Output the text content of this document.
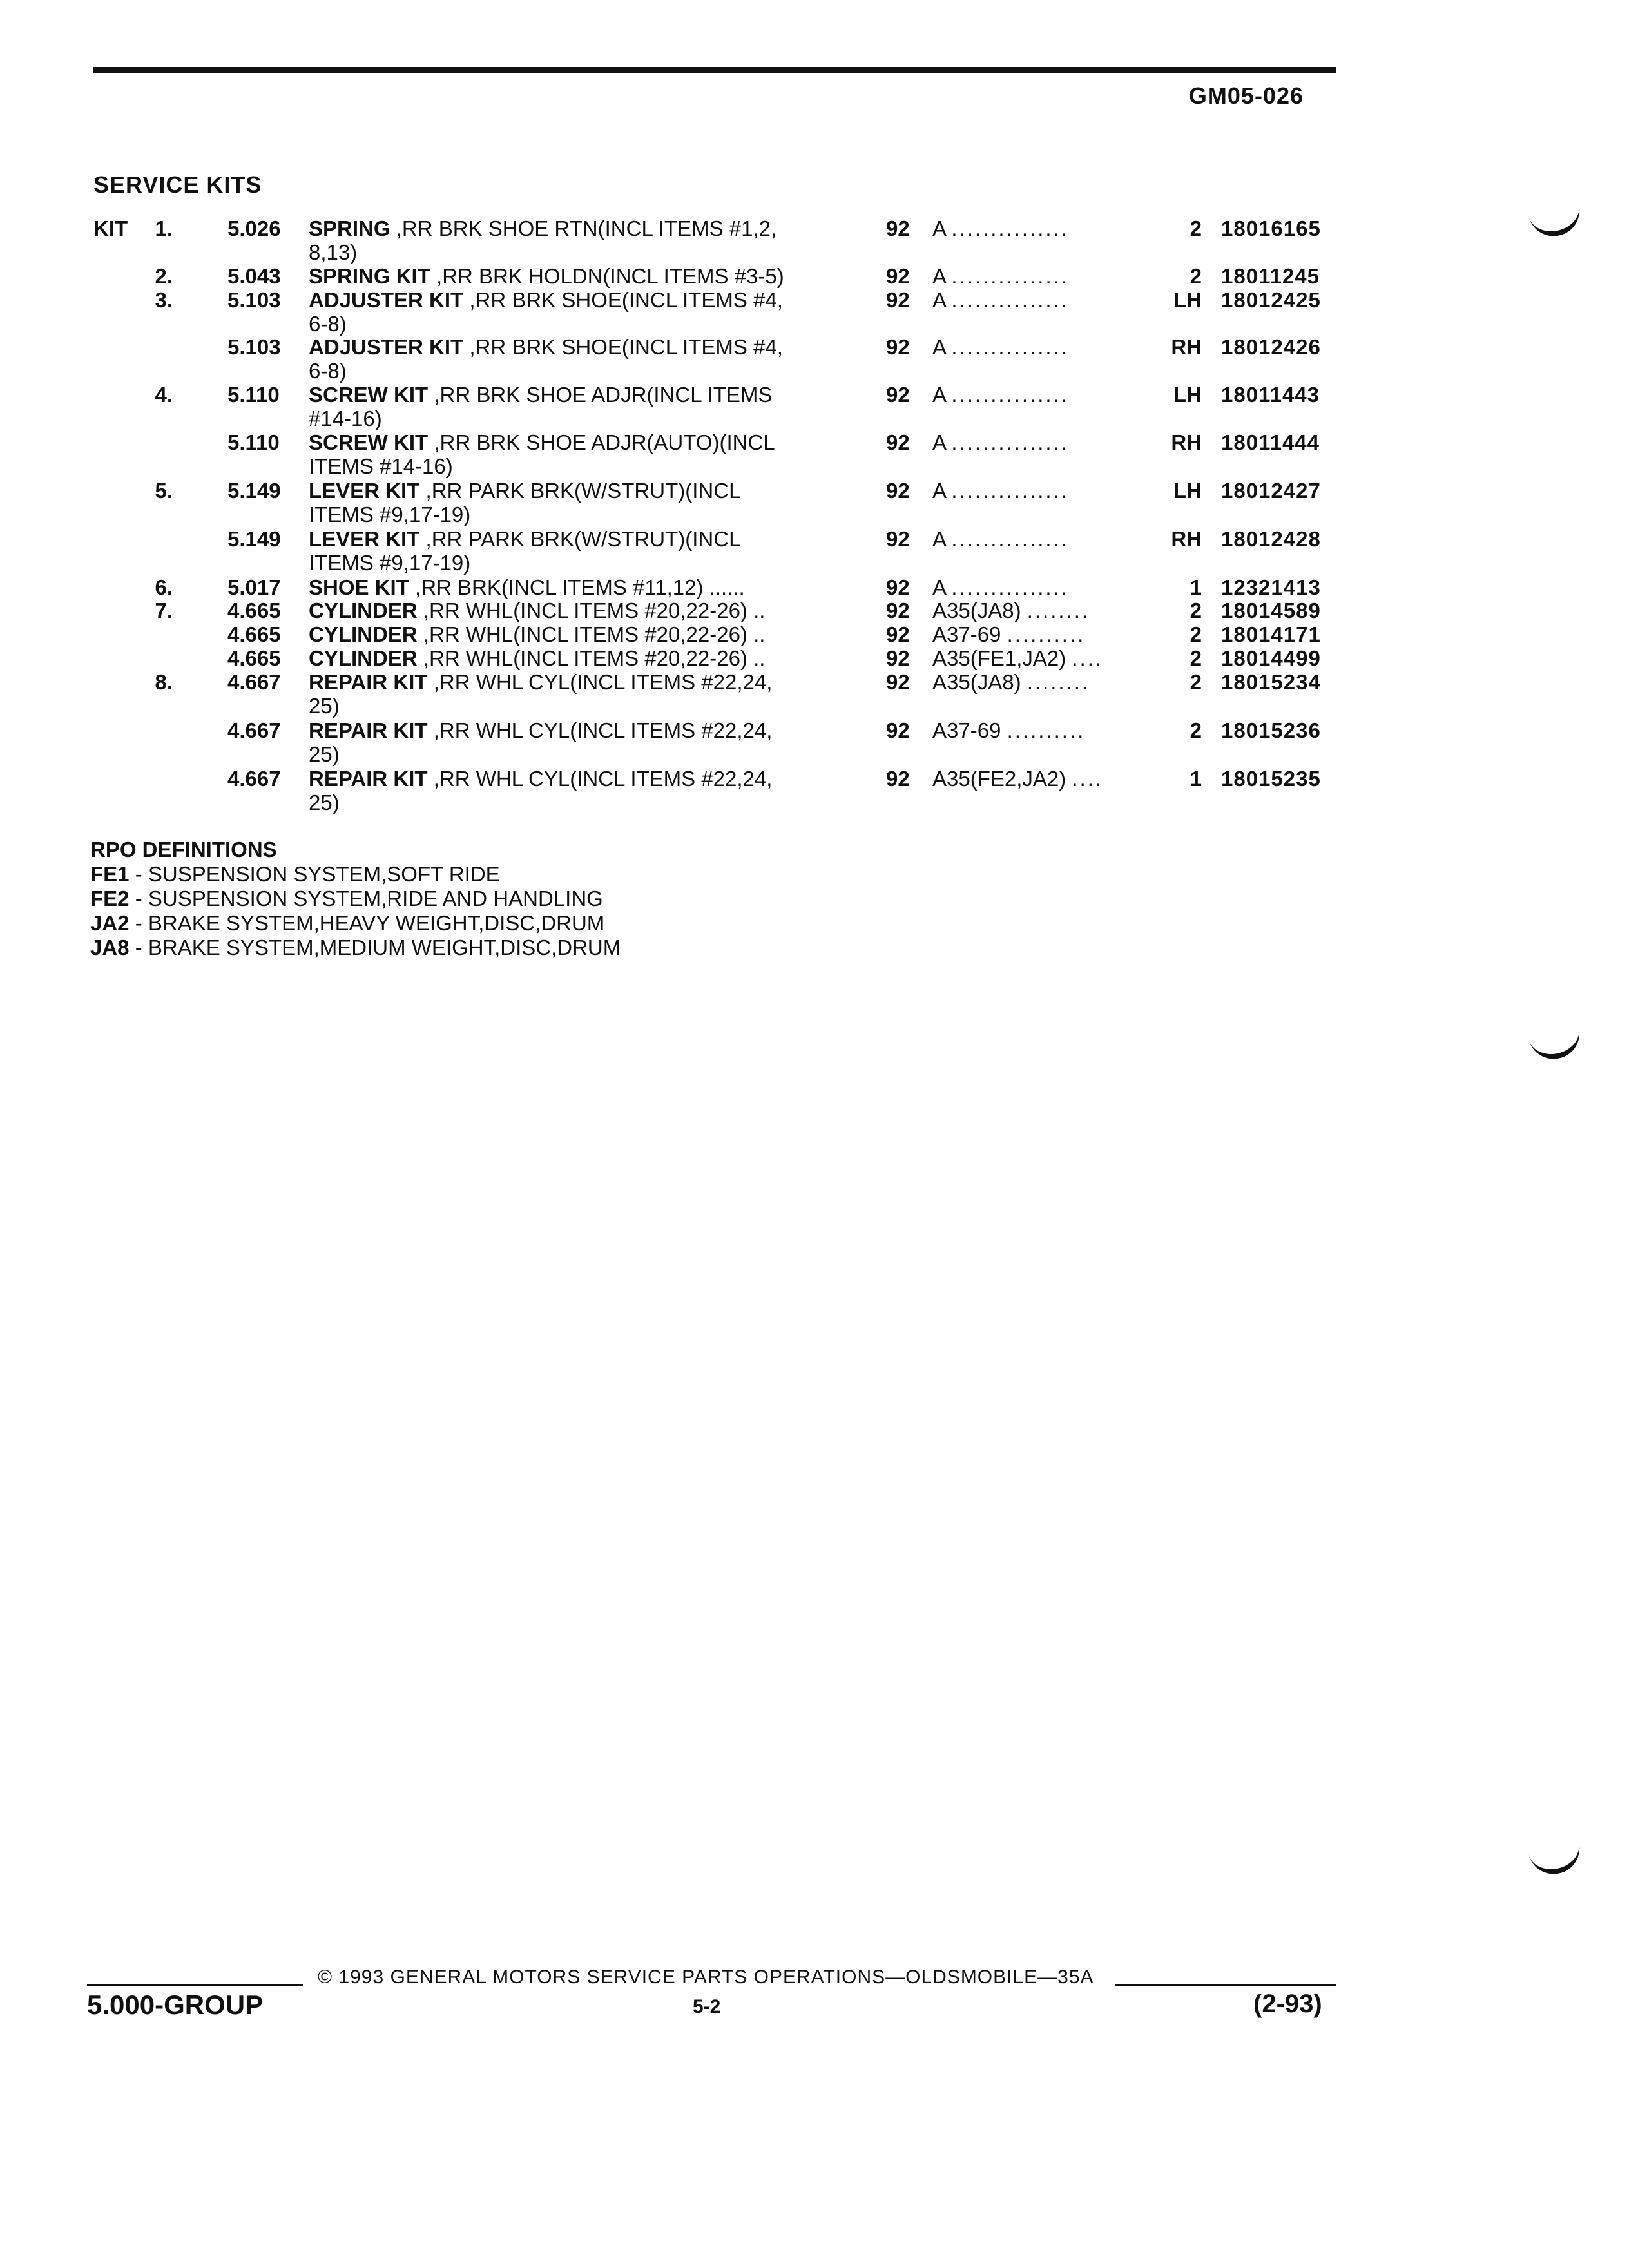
GM05-026
SERVICE KITS
KIT 1.	5.026 SPRING ,RR BRK SHOE RTN(INCL ITEMS #1,2,
8,13)
92 A ...............	2 18016165
2.	5.043 SPRING KIT ,RR BRK HOLDN(INCL ITEMS #3-5)	92 A ...............	2 18011245
3.	5.103 ADJUSTER KIT ,RR BRK SHOE(INCL ITEMS #4,
6-8)
92 A ...............	LH 18012425
5.103 ADJUSTER KIT ,RR BRK SHOE(INCL ITEMS #4,
6-8)
92 A ...............	RH 18012426
4.	5.110 SCREW KIT ,RR BRK SHOE ADJR(INCL ITEMS
#14-16)
92 A ...............	LH 18011443
5.110 SCREW KIT ,RR BRK SHOE ADJR(AUTO)(INCL
ITEMS #14-16)
92 A ...............	RH 18011444
5.	5.149 LEVER KIT ,RR PARK BRK(W/STRUT)(INCL
ITEMS #9,17-19)
92 A ...............	LH 18012427
5.149 LEVER KIT ,RR PARK BRK(W/STRUT)(INCL
ITEMS #9,17-19)
92 A ...............	RH 18012428
6.	5.017 SHOE KIT ,RR BRK(INCL ITEMS #11,12) ......	92 A ...............	1 12321413
7.	4.665 CYLINDER ,RR WHL(INCL ITEMS #20,22-26) ..	92 A35(JA8) ........	2 18014589
4.665 CYLINDER ,RR WHL(INCL ITEMS #20,22-26) ..	92 A37-69 ..........	2 18014171
4.665 CYLINDER ,RR WHL(INCL ITEMS #20,22-26) ..	92 A35(FE1,JA2) ....	2 18014499
8.	4.667 REPAIR KIT ,RR WHL CYL(INCL ITEMS #22,24,
25)
92 A35(JA8) ........	2 18015234
4.667 REPAIR KIT ,RR WHL CYL(INCL ITEMS #22,24,
25)
92 A37-69 ..........	2 18015236
4.667 REPAIR KIT ,RR WHL CYL(INCL ITEMS #22,24,
25)
92 A35(FE2,JA2) ....	1 18015235
RPO DEFINITIONS
FE1 - SUSPENSION SYSTEM,SOFT RIDE
FE2 - SUSPENSION SYSTEM,RIDE AND HANDLING
JA2 - BRAKE SYSTEM,HEAVY WEIGHT,DISC,DRUM
JA8 - BRAKE SYSTEM,MEDIUM WEIGHT,DISC,DRUM
© 1993 GENERAL MOTORS SERVICE PARTS OPERATIONS—OLDSMOBILE—35A
5.000-GROUP	5-2	(2-93)
